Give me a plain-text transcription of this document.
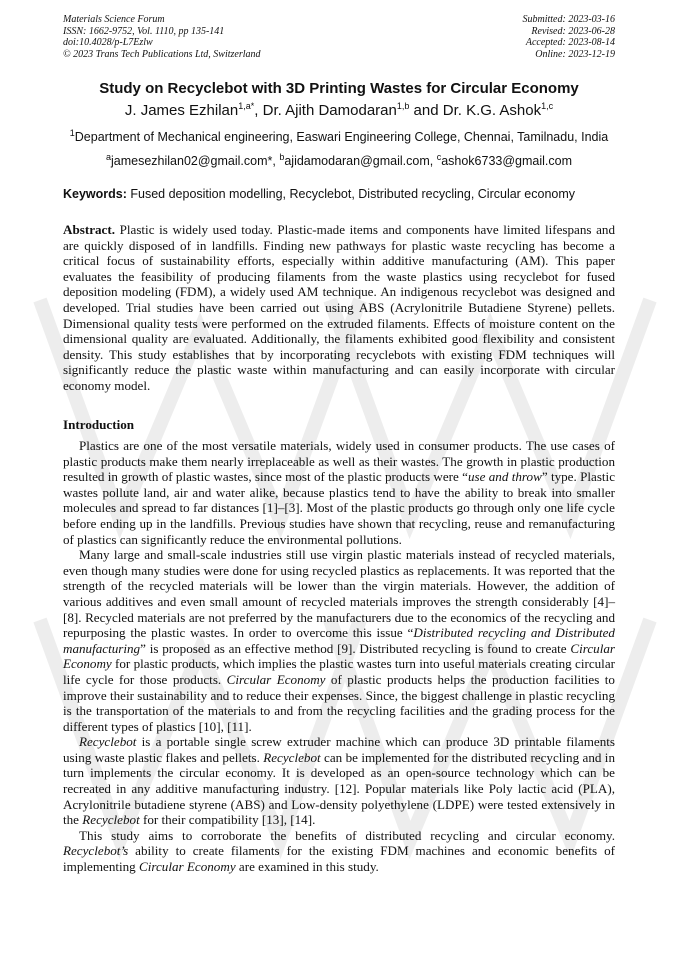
Materials Science Forum
ISSN: 1662-9752, Vol. 1110, pp 135-141
doi:10.4028/p-L7Ezlw
© 2023 Trans Tech Publications Ltd, Switzerland
Submitted: 2023-03-16
Revised: 2023-06-28
Accepted: 2023-08-14
Online: 2023-12-19
Study on Recyclebot with 3D Printing Wastes for Circular Economy
J. James Ezhilan$^{1,a*}$, Dr. Ajith Damodaran$^{1,b}$ and Dr. K.G. Ashok$^{1,c}$
$^1$Department of Mechanical engineering, Easwari Engineering College, Chennai, Tamilnadu, India
$^a$jamesezhilan02@gmail.com*, $^b$ajidamodaran@gmail.com, $^c$ashok6733@gmail.com
Keywords: Fused deposition modelling, Recyclebot, Distributed recycling, Circular economy

Abstract. Plastic is widely used today. Plastic-made items and components have limited lifespans and are quickly disposed of in landfills. Finding new pathways for plastic waste recycling has become a critical focus of sustainability efforts, especially within additive manufacturing (AM). This paper evaluates the feasibility of producing filaments from the waste plastics using recyclebot for fused deposition modeling (FDM), a widely used AM technique. An indigenous recyclebot was designed and developed. Trial studies have been carried out using ABS (Acrylonitrile Butadiene Styrene) pellets. Dimensional quality tests were performed on the extruded filaments. Effects of moisture content on the dimensional quality are evaluated. Additionally, the filaments exhibited good flexibility and consistent density. This study establishes that by incorporating recyclebots with existing FDM techniques will significantly reduce the plastic waste within manufacturing and can easily incorporate with circular economy model.

Introduction

Plastics are one of the most versatile materials, widely used in consumer products. The use cases of plastic products make them nearly irreplaceable as well as their wastes. The growth in plastic production resulted in growth of plastic wastes, since most of the plastic products were “use and throw” type. Plastic wastes pollute land, air and water alike, because plastics tend to have the ability to break into smaller molecules and spread to far distances [1]–[3]. Most of the plastic products go through only one life cycle before ending up in the landfills. Previous studies have shown that recycling, reuse and remanufacturing of plastics can significantly reduce the environmental pollutions.

Many large and small-scale industries still use virgin plastic materials instead of recycled materials, even though many studies were done for using recycled plastics as replacements. It was reported that the strength of the recycled materials will be lower than the virgin materials. However, the addition of various additives and even small amount of recycled materials improves the strength considerably [4]–[8]. Recycled materials are not preferred by the manufacturers due to the economics of the recycling and repurposing the plastic wastes. In order to overcome this issue “Distributed recycling and Distributed manufacturing” is proposed as an effective method [9]. Distributed recycling is found to create Circular Economy for plastic products, which implies the plastic wastes turn into useful materials creating circular life cycle for those products. Circular Economy of plastic products helps the production facilities to improve their sustainability and to reduce their expenses. Since, the biggest challenge in plastic recycling is the transportation of the materials to and from the recycling facilities and the grading process for the different types of plastics [10], [11].

Recyclebot is a portable single screw extruder machine which can produce 3D printable filaments using waste plastic flakes and pellets. Recyclebot can be implemented for the distributed recycling and in turn implements the circular economy. It is developed as an open-source technology which can be recreated in any additive manufacturing industry. [12]. Popular materials like Poly lactic acid (PLA), Acrylonitrile butadiene styrene (ABS) and Low-density polyethylene (LDPE) were tested extensively in the Recyclebot for their compatibility [13], [14].

This study aims to corroborate the benefits of distributed recycling and circular economy. Recyclebot’s ability to create filaments for the existing FDM machines and economic benefits of implementing Circular Economy are examined in this study.
